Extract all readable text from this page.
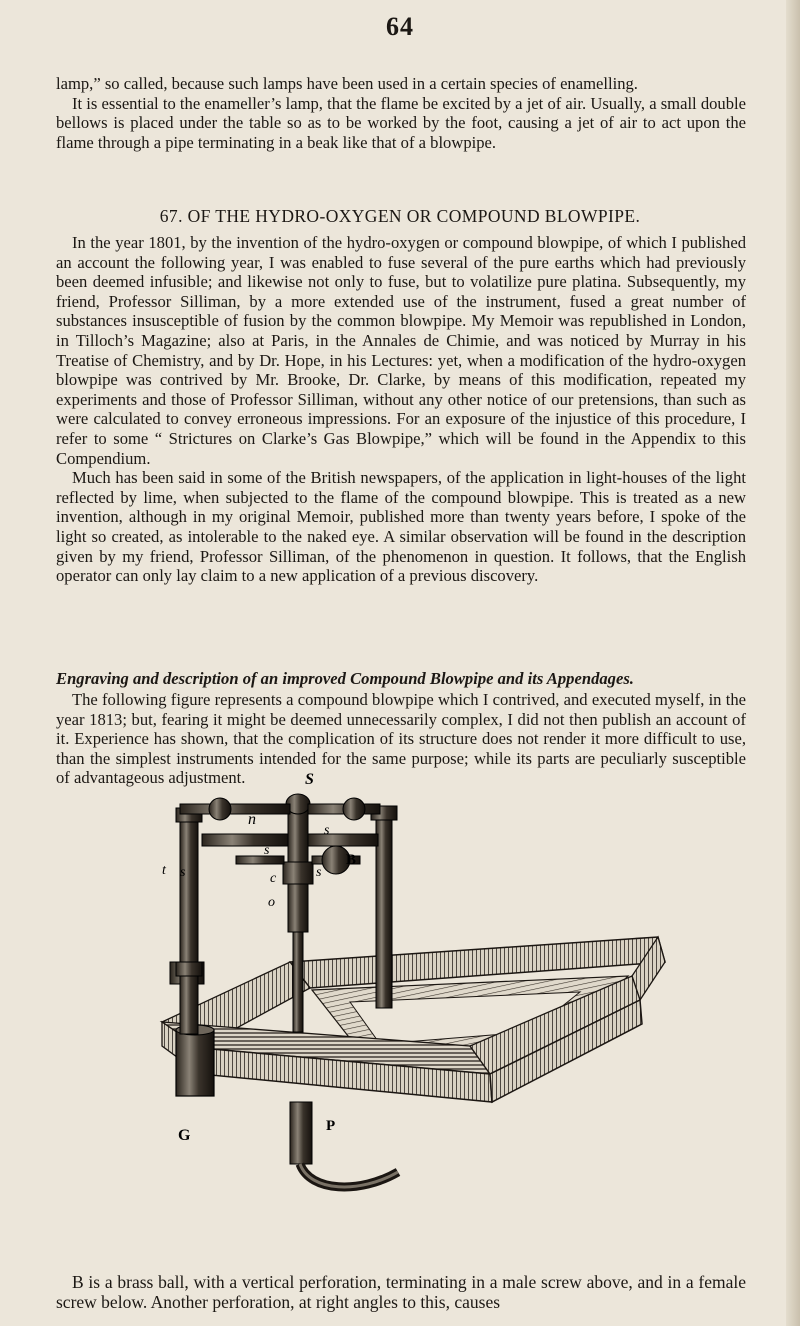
64

lamp,” so called, because such lamps have been used in a certain species of enamelling.

It is essential to the enameller’s lamp, that the flame be excited by a jet of air. Usually, a small double bellows is placed under the table so as to be worked by the foot, causing a jet of air to act upon the flame through a pipe terminating in a beak like that of a blowpipe.

67. OF THE HYDRO-OXYGEN OR COMPOUND BLOWPIPE.

In the year 1801, by the invention of the hydro-oxygen or compound blowpipe, of which I published an account the following year, I was enabled to fuse several of the pure earths which had previously been deemed infusible; and likewise not only to fuse, but to volatilize pure platina. Subsequently, my friend, Professor Silliman, by a more extended use of the instrument, fused a great number of substances insusceptible of fusion by the common blowpipe. My Memoir was republished in London, in Tilloch’s Magazine; also at Paris, in the Annales de Chimie, and was noticed by Murray in his Treatise of Chemistry, and by Dr. Hope, in his Lectures: yet, when a modification of the hydro-oxygen blowpipe was contrived by Mr. Brooke, Dr. Clarke, by means of this modification, repeated my experiments and those of Professor Silliman, without any other notice of our pretensions, than such as were calculated to convey erroneous impressions. For an exposure of the injustice of this procedure, I refer to some “ Strictures on Clarke’s Gas Blowpipe,” which will be found in the Appendix to this Compendium.

Much has been said in some of the British newspapers, of the application in light-houses of the light reflected by lime, when subjected to the flame of the compound blowpipe. This is treated as a new invention, although in my original Memoir, published more than twenty years before, I spoke of the light so created, as intolerable to the naked eye. A similar observation will be found in the description given by my friend, Professor Silliman, of the phenomenon in question. It follows, that the English operator can only lay claim to a new application of a previous discovery.

Engraving and description of an improved Compound Blowpipe and its Appendages.

The following figure represents a compound blowpipe which I contrived, and executed myself, in the year 1813; but, fearing it might be deemed unnecessarily complex, I did not then publish an account of it. Experience has shown, that the complication of its structure does not render it more difficult to use, than the simplest instruments intended for the same purpose; while its parts are peculiarly susceptible of advantageous adjustment.	S
n
s
s
t s	s
c
o
B
G
P

B is a brass ball, with a vertical perforation, terminating in a male screw above, and in a female screw below. Another perforation, at right angles to this, causes
